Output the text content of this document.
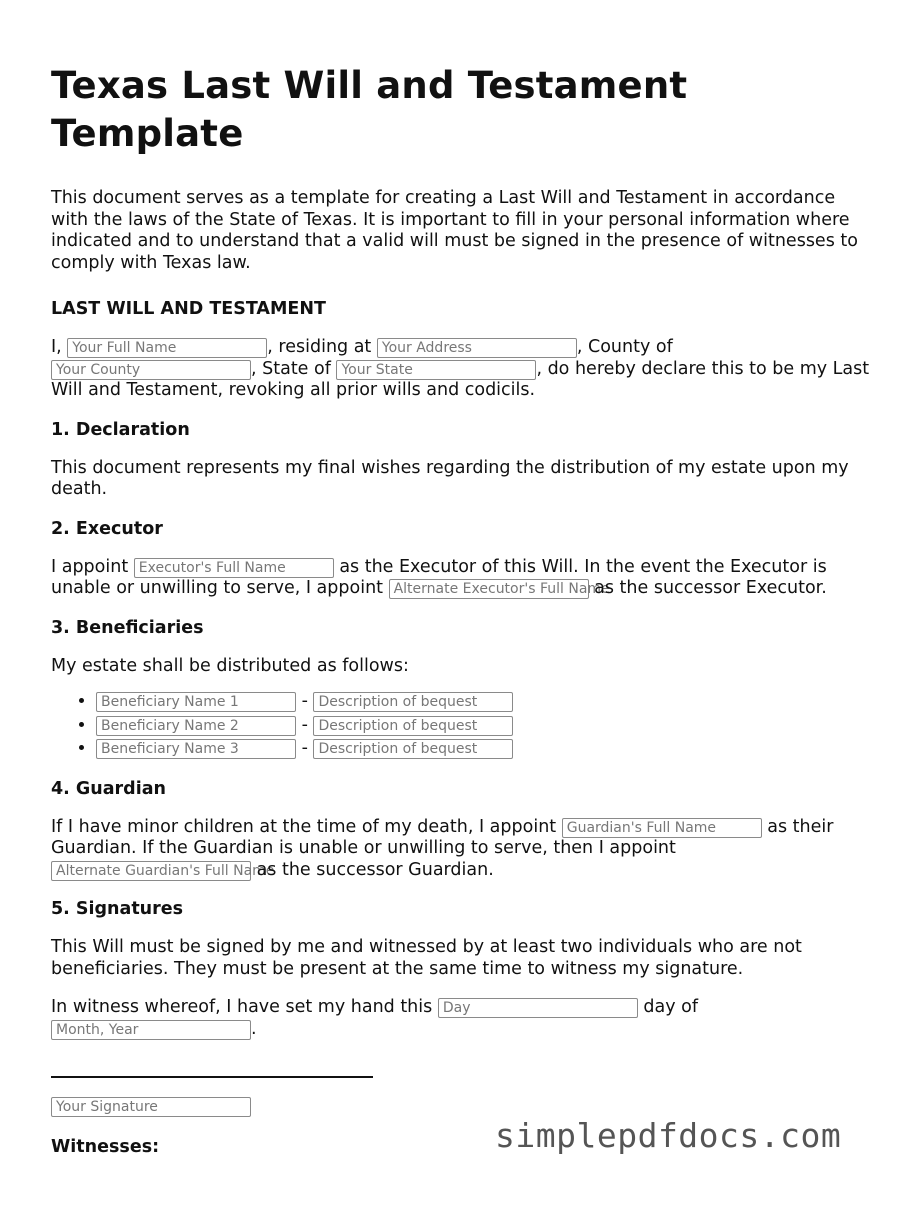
Texas Last Will and Testament Template

This document serves as a template for creating a Last Will and Testament in accordance with the laws of the State of Texas. It is important to fill in your personal information where indicated and to understand that a valid will must be signed in the presence of witnesses to comply with Texas law.

LAST WILL AND TESTAMENT

I, Your Full Name	, residing at Your Address	, County of Your County	, State of Your State	, do hereby declare this to be my Last Will and Testament, revoking all prior wills and codicils.

1. Declaration

This document represents my final wishes regarding the distribution of my estate upon my death.

2. Executor

I appoint Executor's Full Name	as the Executor of this Will. In the event the Executor is unable or unwilling to serve, I appoint Alternate Executor's Full Name as the successor Executor.

3. Beneficiaries

My estate shall be distributed as follows:

• Beneficiary Name 1	- Description of bequest
• Beneficiary Name 2	- Description of bequest
• Beneficiary Name 3	- Description of bequest
4. Guardian

If I have minor children at the time of my death, I appoint Guardian's Full Name	as their Guardian. If the Guardian is unable or unwilling to serve, then I appoint Alternate Guardian's Full Name as the successor Guardian.

5. Signatures

This Will must be signed by me and witnessed by at least two individuals who are not beneficiaries. They must be present at the same time to witness my signature.

In witness whereof, I have set my hand this Day	day of Month, Year	.

Your Signature

Witnesses:	simplepdfdocs.com
